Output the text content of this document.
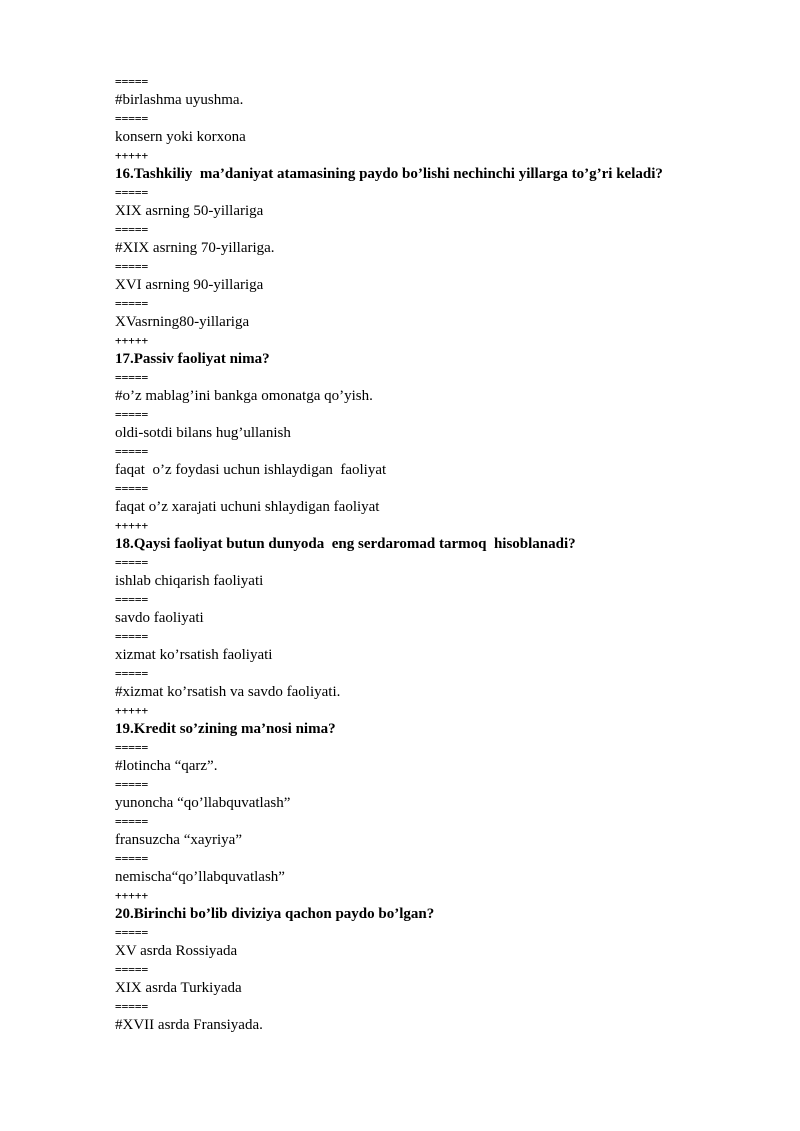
=====
#birlashma uyushma.
=====
konsern yoki korxona
+++++
16.Tashkiliy  ma’daniyat atamasining paydo bo’lishi nechinchi yillarga to’g’ri keladi?
=====
XIX asrning 50-yillariga
=====
#XIX asrning 70-yillariga.
=====
XVI asrning 90-yillariga
=====
XVasrning80-yillariga
+++++
17.Passiv faoliyat nima?
=====
#o’z mablag’ini bankga omonatga qo’yish.
=====
oldi-sotdi bilans hug’ullanish
=====
faqat  o’z foydasi uchun ishlaydigan  faoliyat
=====
faqat o’z xarajati uchuni shlaydigan faoliyat
+++++
18.Qaysi faoliyat butun dunyoda  eng serdaromad tarmoq  hisoblanadi?
=====
ishlab chiqarish faoliyati
=====
savdo faoliyati
=====
xizmat ko’rsatish faoliyati
=====
#xizmat ko’rsatish va savdo faoliyati.
+++++
19.Kredit so’zining ma’nosi nima?
=====
#lotincha “qarz”.
=====
yunoncha “qo’llabquvatlash”
=====
fransuzcha “xayriya”
=====
nemischa“qo’llabquvatlash”
+++++
20.Birinchi bo’lib diviziya qachon paydo bo’lgan?
=====
XV asrda Rossiyada
=====
XIX asrda Turkiyada
=====
#XVII asrda Fransiyada.
